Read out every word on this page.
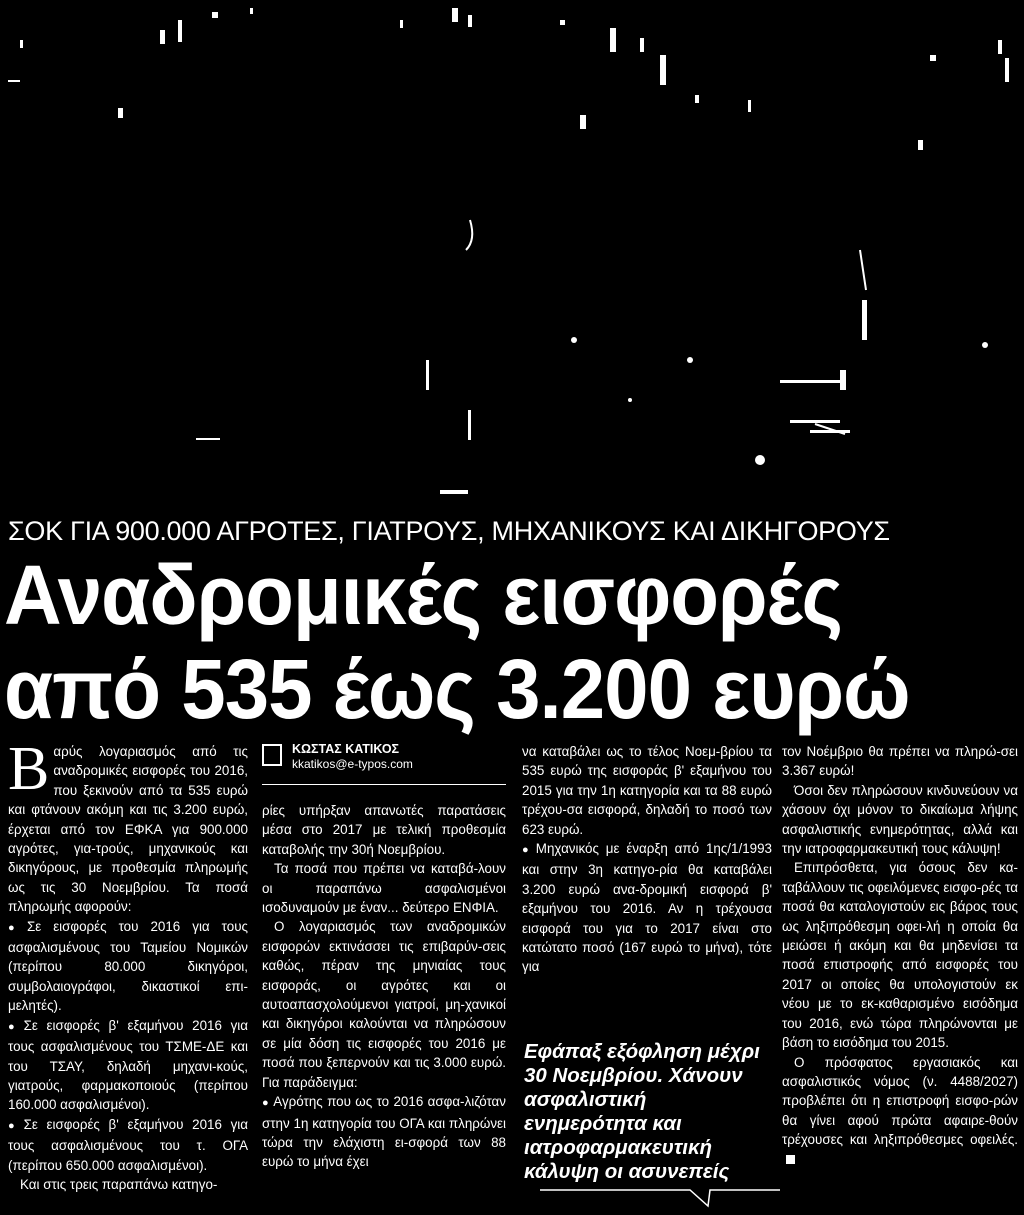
ΣΟΚ ΓΙΑ 900.000 ΑΓΡΟΤΕΣ, ΓΙΑΤΡΟΥΣ, ΜΗΧΑΝΙΚΟΥΣ ΚΑΙ ΔΙΚΗΓΟΡΟΥΣ
Αναδρομικές εισφορές
από 535 έως 3.200 ευρώ

Βαρύς λογαριασμός από τις αναδρομικές εισφορές του 2016, που ξεκινούν από τα 535 ευρώ και φτάνουν ακόμη και τις 3.200 ευρώ, έρχεται από τον ΕΦΚΑ για 900.000 αγρότες, για-τρούς, μηχανικούς και δικηγόρους, με προθεσμία πληρωμής ως τις 30 Νοεμβρίου. Τα ποσά πληρωμής αφορούν:

● Σε εισφορές του 2016 για τους ασφαλισμένους του Ταμείου Νομικών (περίπου 80.000 δικηγόροι, συμβολαιογράφοι, δικαστικοί επι-μελητές).

● Σε εισφορές β' εξαμήνου 2016 για τους ασφαλισμένους του ΤΣΜΕ-ΔΕ και του ΤΣΑΥ, δηλαδή μηχανι-κούς, γιατρούς, φαρμακοποιούς (περίπου 160.000 ασφαλισμένοι).

● Σε εισφορές β' εξαμήνου 2016 για τους ασφαλισμένους του τ. ΟΓΑ (περίπου 650.000 ασφαλισμένοι).

Και στις τρεις παραπάνω κατηγο-

ΚΩΣΤΑΣ ΚΑΤΙΚΟΣ
kkatikos@e-typos.com

ρίες υπήρξαν απανωτές παρατάσεις μέσα στο 2017 με τελική προθεσμία καταβολής την 30ή Νοεμβρίου.

Τα ποσά που πρέπει να καταβά-λουν οι παραπάνω ασφαλισμένοι ισοδυναμούν με έναν... δεύτερο ΕΝΦΙΑ.

Ο λογαριασμός των αναδρομικών εισφορών εκτινάσσει τις επιβαρύν-σεις καθώς, πέραν της μηνιαίας τους εισφοράς, οι αγρότες και οι αυτοαπασχολούμενοι γιατροί, μη-χανικοί και δικηγόροι καλούνται να πληρώσουν σε μία δόση τις εισφορές του 2016 με ποσά που ξεπερνούν και τις 3.000 ευρώ. Για παράδειγμα:

● Αγρότης που ως το 2016 ασφα-λιζόταν στην 1η κατηγορία του ΟΓΑ και πληρώνει τώρα την ελάχιστη ει-σφορά των 88 ευρώ το μήνα έχει

να καταβάλει ως το τέλος Νοεμ-βρίου τα 535 ευρώ της εισφοράς β' εξαμήνου του 2015 για την 1η κατηγορία και τα 88 ευρώ τρέχου-σα εισφορά, δηλαδή το ποσό των 623 ευρώ.

● Μηχανικός με έναρξη από 1ης/1/1993 και στην 3η κατηγο-ρία θα καταβάλει 3.200 ευρώ ανα-δρομική εισφορά β' εξαμήνου του 2016. Αν η τρέχουσα εισφορά του για το 2017 είναι στο κατώτατο ποσό (167 ευρώ το μήνα), τότε για

Εφάπαξ εξόφληση μέχρι 30 Νοεμβρίου. Χάνουν ασφαλιστική ενημερότητα και ιατροφαρμακευτική κάλυψη οι ασυνεπείς

τον Νοέμβριο θα πρέπει να πληρώ-σει 3.367 ευρώ!

Όσοι δεν πληρώσουν κινδυνεύουν να χάσουν όχι μόνον το δικαίωμα λήψης ασφαλιστικής ενημερότητας, αλλά και την ιατροφαρμακευτική τους κάλυψη!

Επιπρόσθετα, για όσους δεν κα-ταβάλλουν τις οφειλόμενες εισφο-ρές τα ποσά θα καταλογιστούν εις βάρος τους ως ληξιπρόθεσμη οφει-λή η οποία θα μειώσει ή ακόμη και θα μηδενίσει τα ποσά επιστροφής από εισφορές του 2017 οι οποίες θα υπολογιστούν εκ νέου με το εκ-καθαρισμένο εισόδημα του 2016, ενώ τώρα πληρώνονται με βάση το εισόδημα του 2015.

Ο πρόσφατος εργασιακός και ασφαλιστικός νόμος (ν. 4488/2027) προβλέπει ότι η επιστροφή εισφο-ρών θα γίνει αφού πρώτα αφαιρε-θούν τρέχουσες και ληξιπρόθεσμες οφειλές.
